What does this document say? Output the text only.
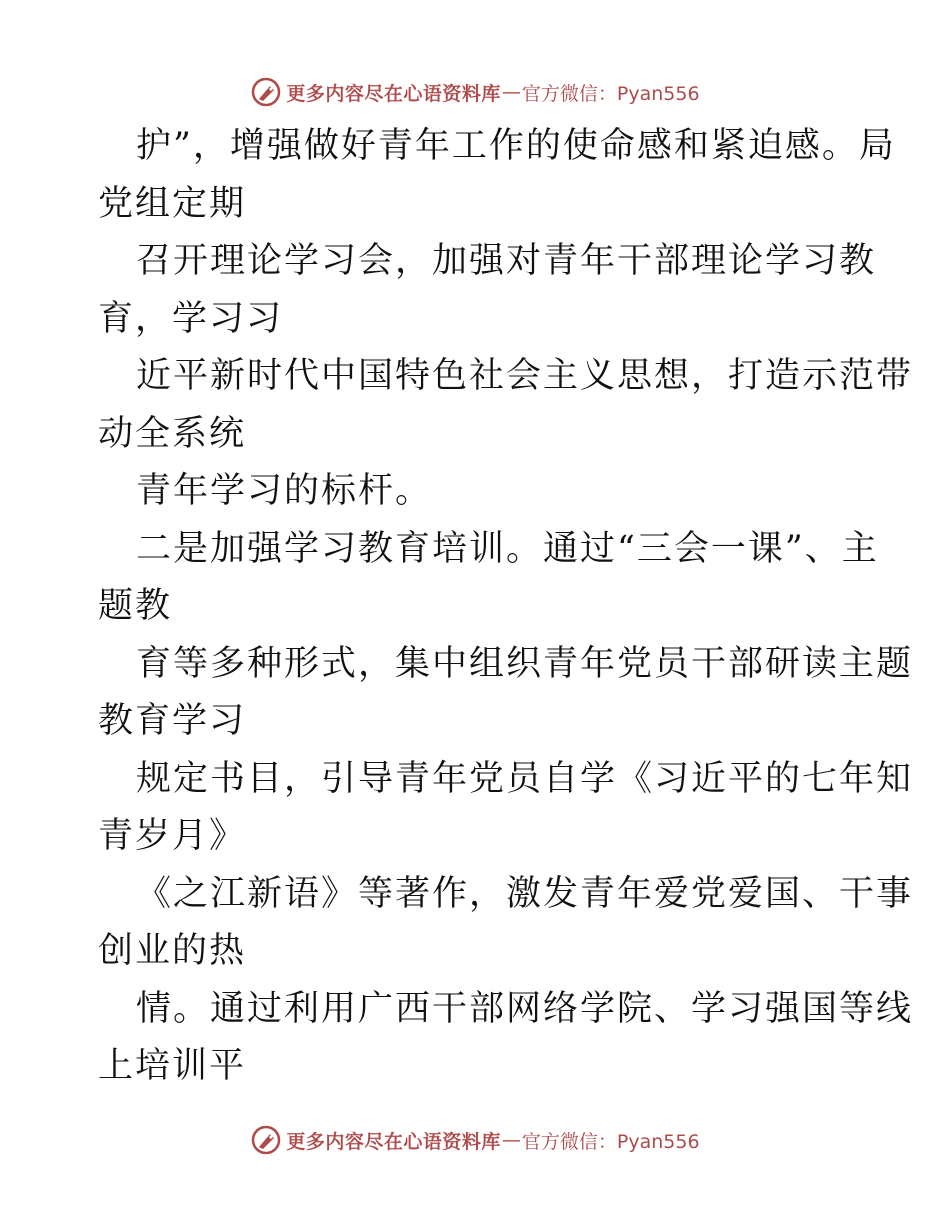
更多内容尽在心语资料库 — 官方微信：Pyan556
护”，增强做好青年工作的使命感和紧迫感。局
党组定期
召开理论学习会，加强对青年干部理论学习教
育，学习习
近平新时代中国特色社会主义思想，打造示范带
动全系统
青年学习的标杆。
二是加强学习教育培训。通过“三会一课”、主
题教
育等多种形式，集中组织青年党员干部研读主题
教育学习
规定书目，引导青年党员自学《习近平的七年知
青岁月》
《之江新语》等著作，激发青年爱党爱国、干事
创业的热
情。通过利用广西干部网络学院、学习强国等线
上培训平
更多内容尽在心语资料库 — 官方微信：Pyan556
